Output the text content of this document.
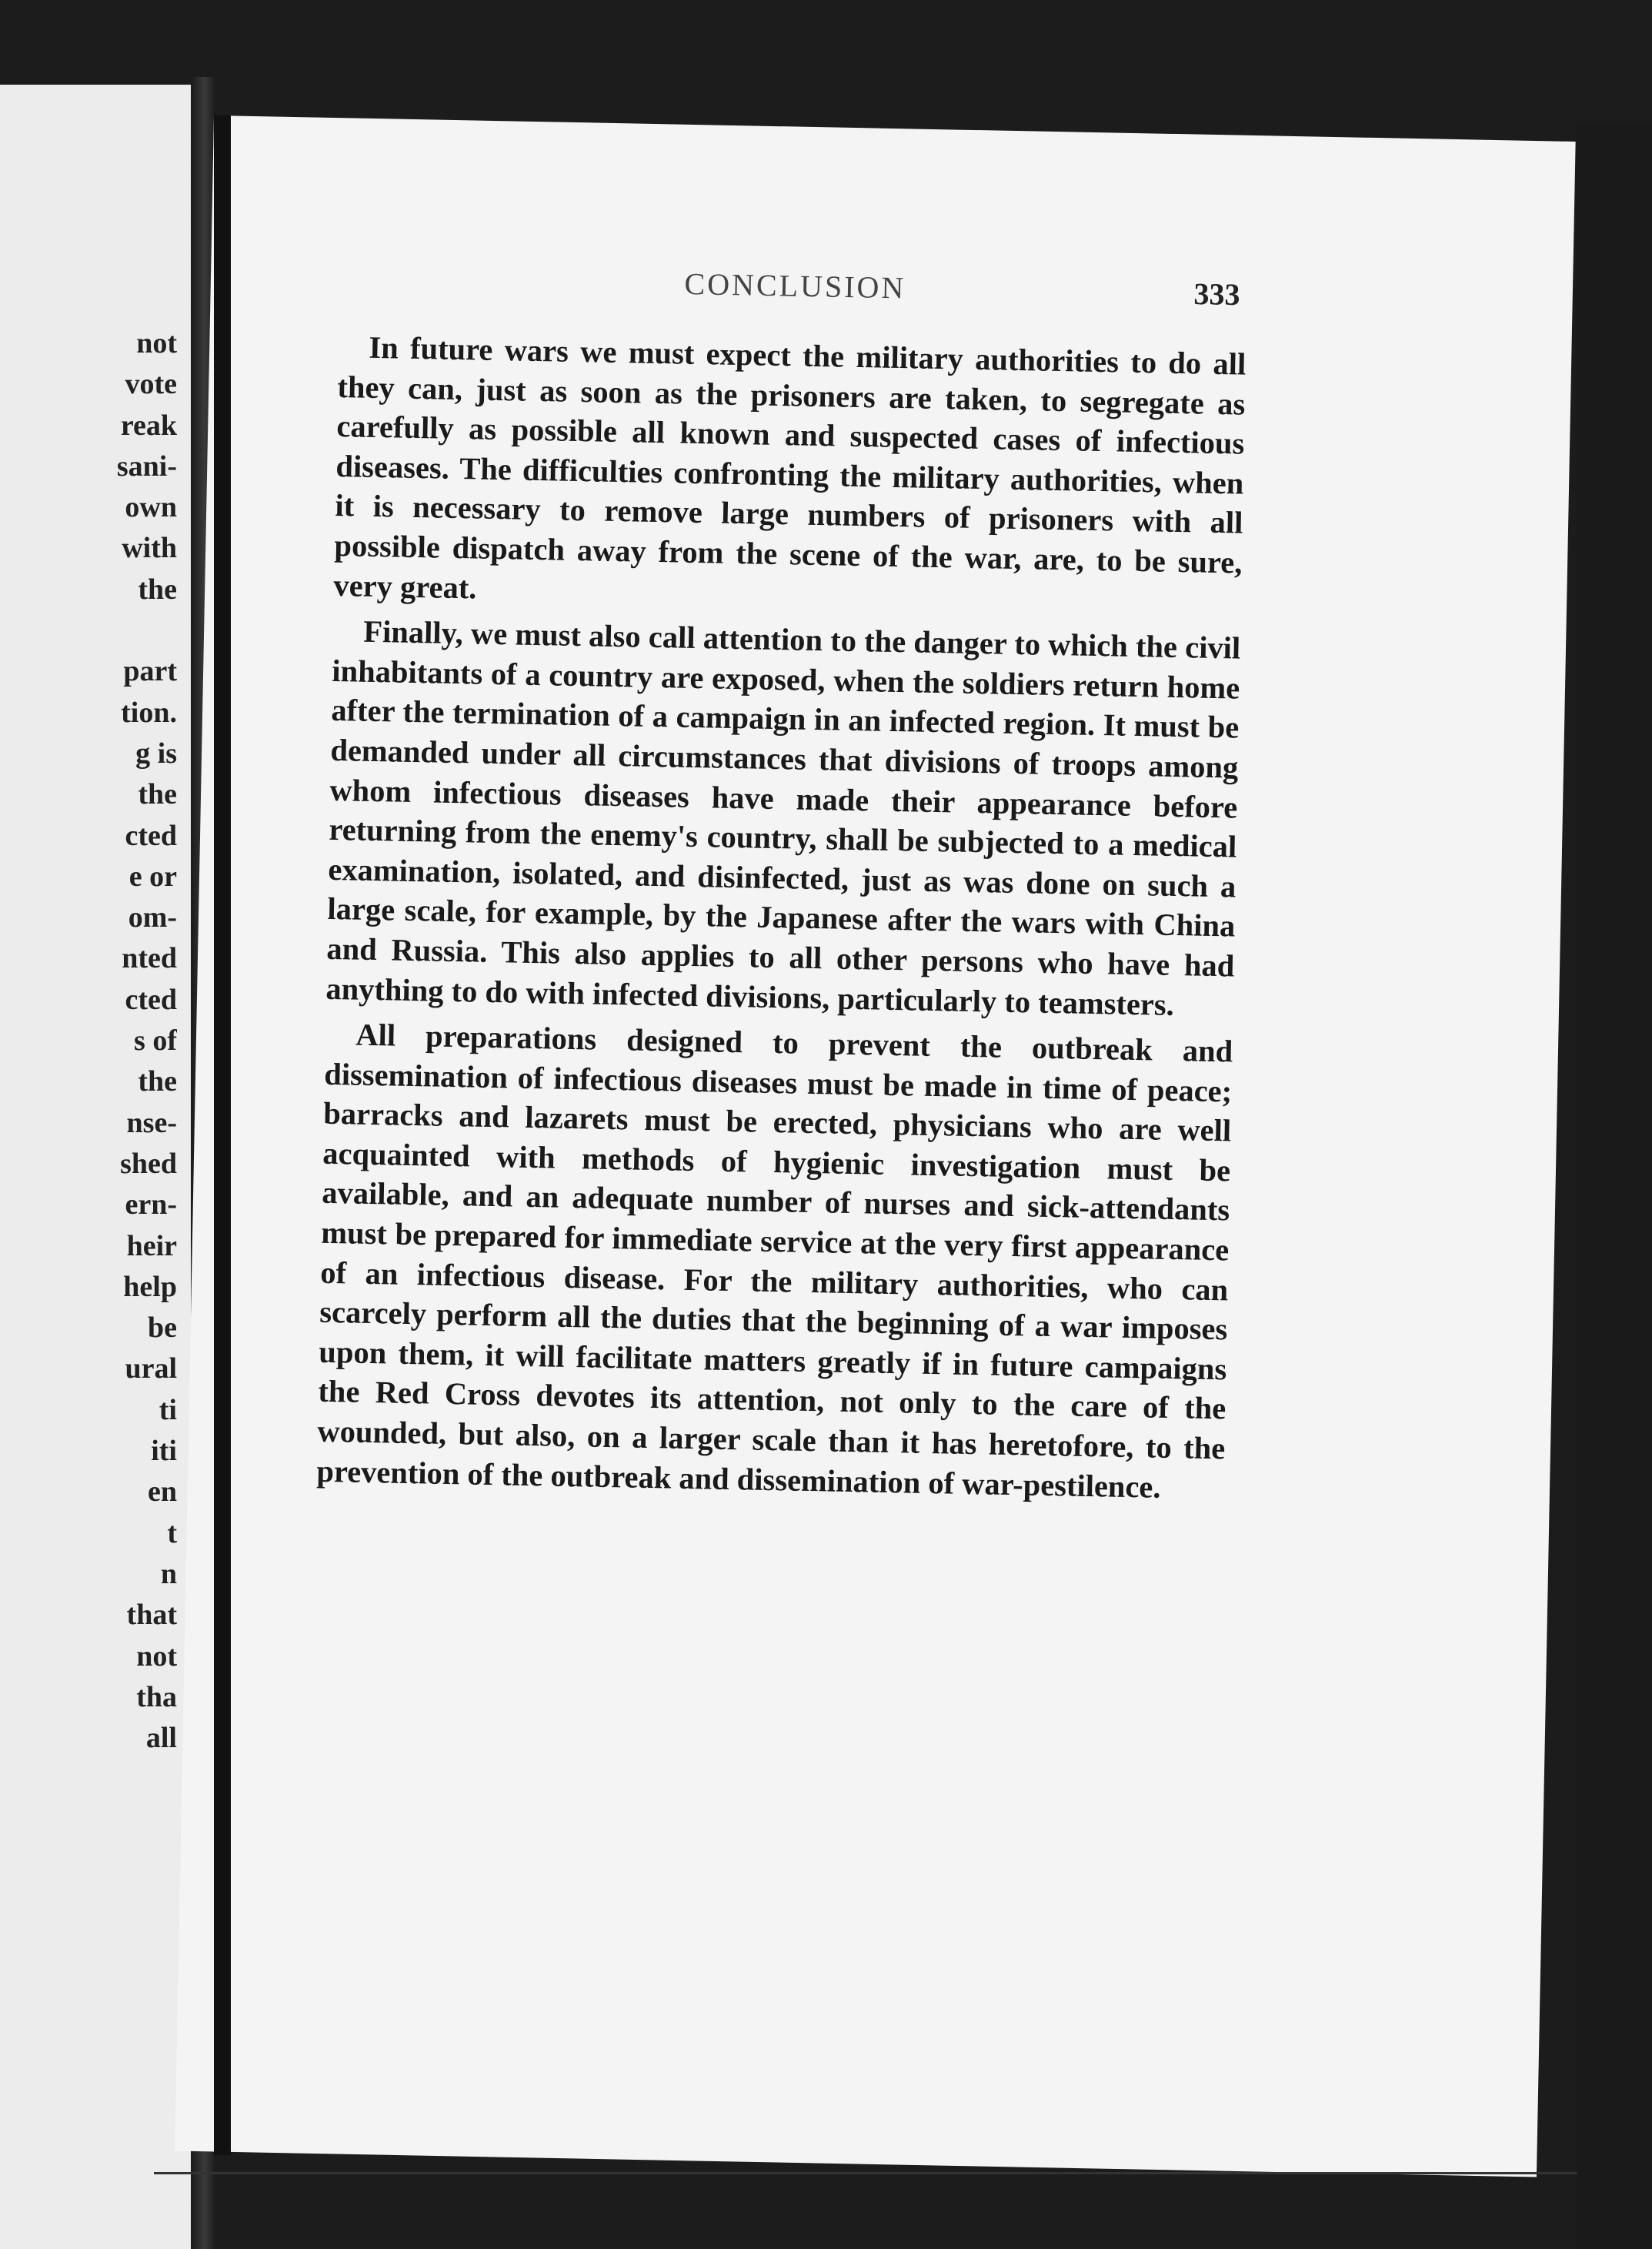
not
vote
reak
sani-
own
with
the

part
tion.
g is
the
cted
e or
om-
nted
cted
s of
the
nse-
shed
ern-
heir
help
be
ural
ti
iti
en
t
n
that
not
tha
all
CONCLUSION	333

In future wars we must expect the military authorities to do all they can, just as soon as the prisoners are taken, to segregate as carefully as possible all known and suspected cases of infectious diseases. The difficulties confronting the military authorities, when it is necessary to remove large numbers of prisoners with all possible dispatch away from the scene of the war, are, to be sure, very great.

Finally, we must also call attention to the danger to which the civil inhabitants of a country are exposed, when the soldiers return home after the termination of a campaign in an infected region. It must be demanded under all circumstances that divisions of troops among whom infectious diseases have made their appearance before returning from the enemy's country, shall be subjected to a medical examination, isolated, and disinfected, just as was done on such a large scale, for example, by the Japanese after the wars with China and Russia. This also applies to all other persons who have had anything to do with infected divisions, particularly to teamsters.

All preparations designed to prevent the outbreak and dissemination of infectious diseases must be made in time of peace; barracks and lazarets must be erected, physicians who are well acquainted with methods of hygienic investigation must be available, and an adequate number of nurses and sick-attendants must be prepared for immediate service at the very first appearance of an infectious disease. For the military authorities, who can scarcely perform all the duties that the beginning of a war imposes upon them, it will facilitate matters greatly if in future campaigns the Red Cross devotes its attention, not only to the care of the wounded, but also, on a larger scale than it has heretofore, to the prevention of the outbreak and dissemination of war-pestilence.
